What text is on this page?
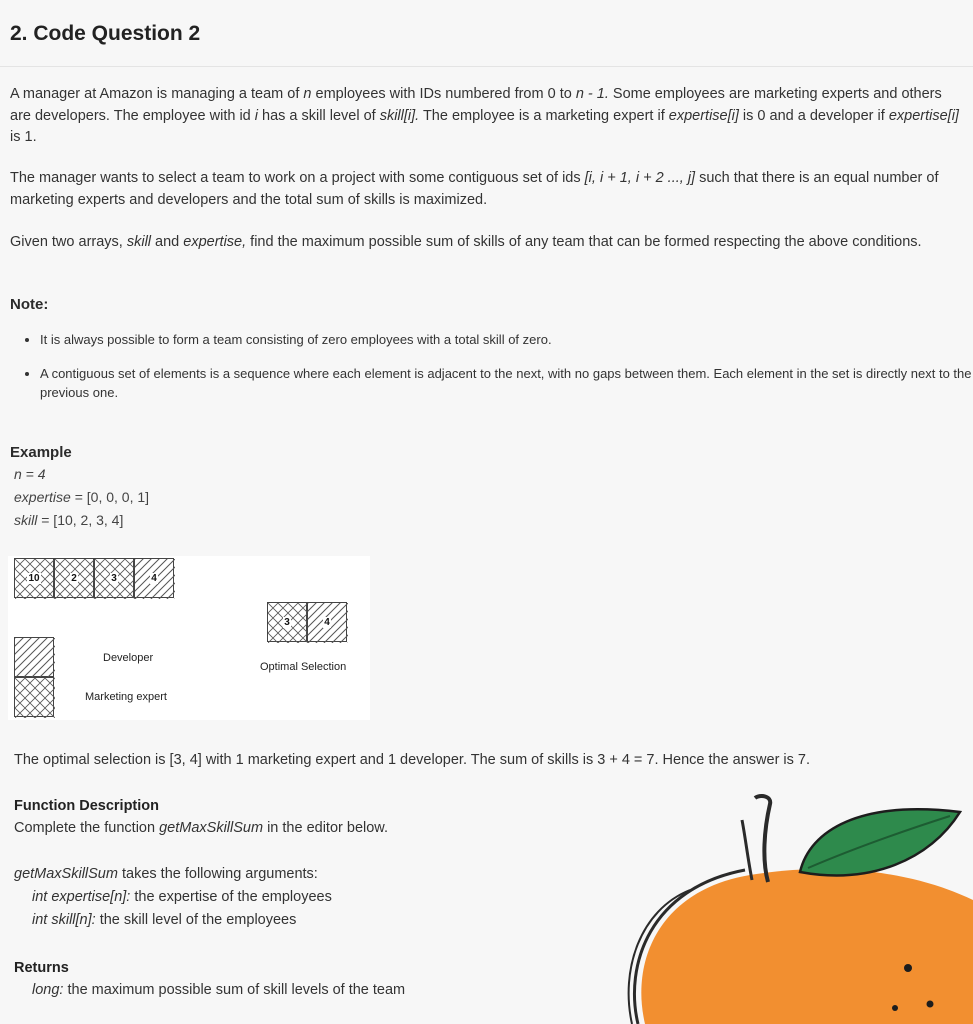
2. Code Question 2

A manager at Amazon is managing a team of n employees with IDs numbered from 0 to n - 1. Some employees are marketing experts and others are developers. The employee with id i has a skill level of skill[i]. The employee is a marketing expert if expertise[i] is 0 and a developer if expertise[i] is 1.

The manager wants to select a team to work on a project with some contiguous set of ids [i, i + 1, i + 2 ..., j] such that there is an equal number of marketing experts and developers and the total sum of skills is maximized.

Given two arrays, skill and expertise, find the maximum possible sum of skills of any team that can be formed respecting the above conditions.

Note:
• It is always possible to form a team consisting of zero employees with a total skill of zero.
• A contiguous set of elements is a sequence where each element is adjacent to the next, with no gaps between them. Each element in the set is directly next to the previous one.
Example

n = 4

expertise = [0, 0, 0, 1]

skill = [10, 2, 3, 4]

10	2	3	4
3	4
Optimal Selection
Developer
Marketing expert

The optimal selection is [3, 4] with 1 marketing expert and 1 developer. The sum of skills is 3 + 4 = 7. Hence the answer is 7.

Function Description

Complete the function getMaxSkillSum in the editor below.

getMaxSkillSum takes the following arguments:

int expertise[n]: the expertise of the employees

int skill[n]: the skill level of the employees

Returns

long: the maximum possible sum of skill levels of the team
